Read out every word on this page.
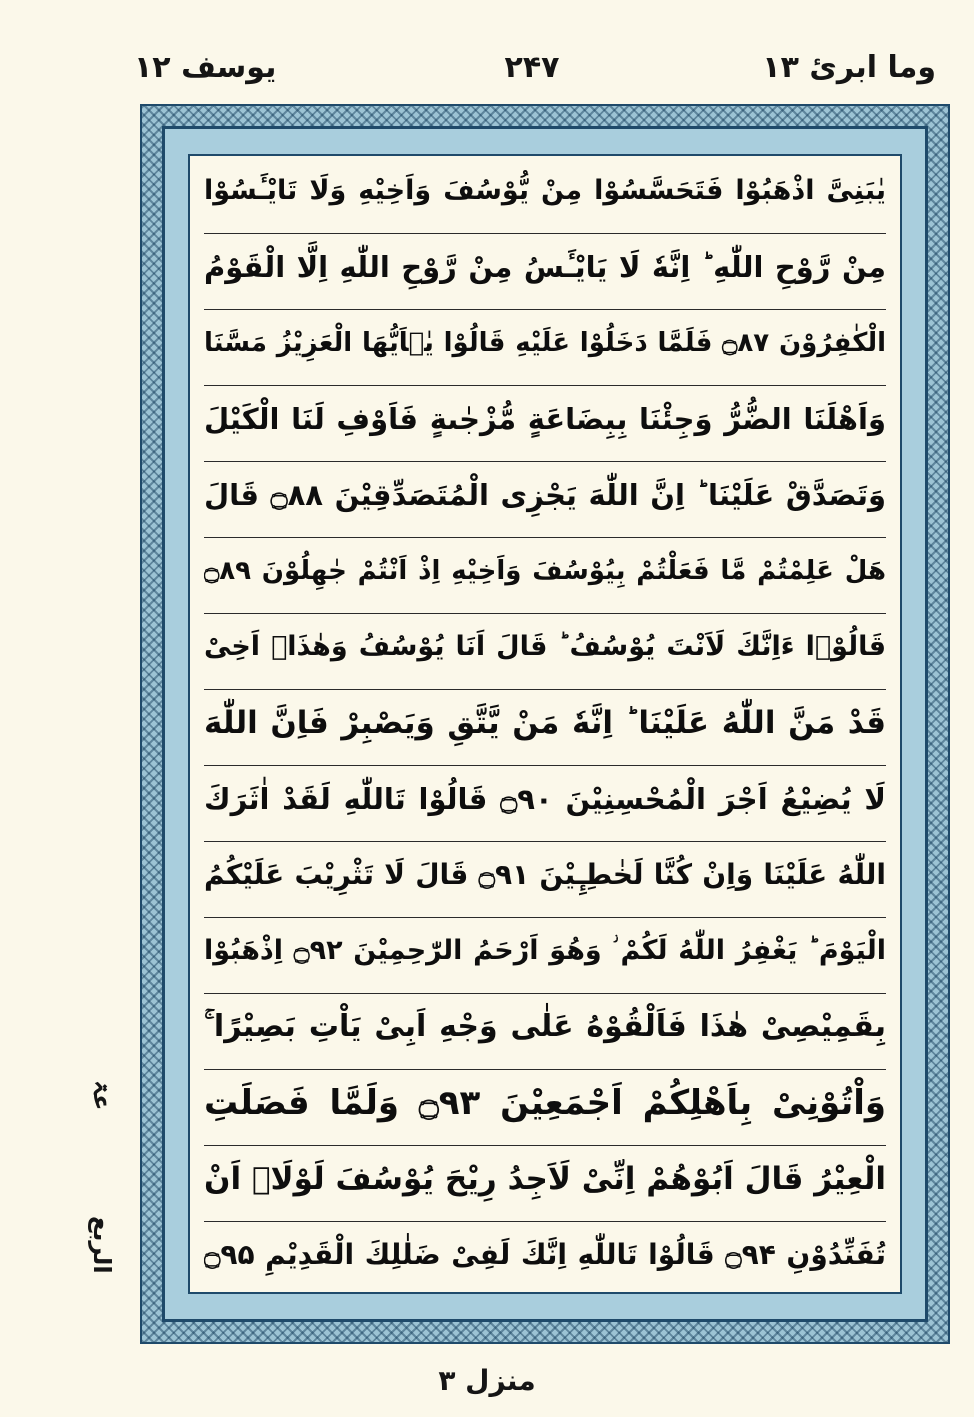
یوسف ۱۲	۲۴۷	وما ابرئ ۱۳
عۃ
الربع
یٰبَنِیَّ اذْهَبُوْا فَتَحَسَّسُوْا مِنْ یُّوْسُفَ وَاَخِیْهِ وَلَا تَایْـَٔسُوْا
مِنْ رَّوْحِ اللّٰهِ ؕ اِنَّهٗ لَا یَایْـَٔسُ مِنْ رَّوْحِ اللّٰهِ اِلَّا الْقَوْمُ
الْكٰفِرُوْنَ ۝۸۷ فَلَمَّا دَخَلُوْا عَلَیْهِ قَالُوْا یٰۤاَیُّهَا الْعَزِیْزُ مَسَّنَا
وَاَهْلَنَا الضُّرُّ وَجِئْنَا بِبِضَاعَةٍ مُّزْجٰىةٍ فَاَوْفِ لَنَا الْكَیْلَ
وَتَصَدَّقْ عَلَیْنَا ؕ اِنَّ اللّٰهَ یَجْزِی الْمُتَصَدِّقِیْنَ ۝۸۸ قَالَ
هَلْ عَلِمْتُمْ مَّا فَعَلْتُمْ بِیُوْسُفَ وَاَخِیْهِ اِذْ اَنْتُمْ جٰهِلُوْنَ ۝۸۹
قَالُوْۤا ءَاِنَّكَ لَاَنْتَ یُوْسُفُ ؕ قَالَ اَنَا یُوْسُفُ وَهٰذَاۤ اَخِیْ
قَدْ مَنَّ اللّٰهُ عَلَیْنَا ؕ اِنَّهٗ مَنْ یَّتَّقِ وَیَصْبِرْ فَاِنَّ اللّٰهَ
لَا یُضِیْعُ اَجْرَ الْمُحْسِنِیْنَ ۝۹۰ قَالُوْا تَاللّٰهِ لَقَدْ اٰثَرَكَ
اللّٰهُ عَلَیْنَا وَاِنْ كُنَّا لَخٰطِـِٕیْنَ ۝۹۱ قَالَ لَا تَثْرِیْبَ عَلَیْكُمُ
الْیَوْمَ ؕ یَغْفِرُ اللّٰهُ لَكُمْ ؗ وَهُوَ اَرْحَمُ الرّٰحِمِیْنَ ۝۹۲ اِذْهَبُوْا
بِقَمِیْصِیْ هٰذَا فَاَلْقُوْهُ عَلٰى وَجْهِ اَبِیْ یَاْتِ بَصِیْرًا ۚ
وَاْتُوْنِیْ بِاَهْلِكُمْ اَجْمَعِیْنَ ۝۹۳ وَلَمَّا فَصَلَتِ
الْعِیْرُ قَالَ اَبُوْهُمْ اِنِّیْ لَاَجِدُ رِیْحَ یُوْسُفَ لَوْلَاۤ اَنْ
تُفَنِّدُوْنِ ۝۹۴ قَالُوْا تَاللّٰهِ اِنَّكَ لَفِیْ ضَلٰلِكَ الْقَدِیْمِ ۝۹۵
منزل ۳
